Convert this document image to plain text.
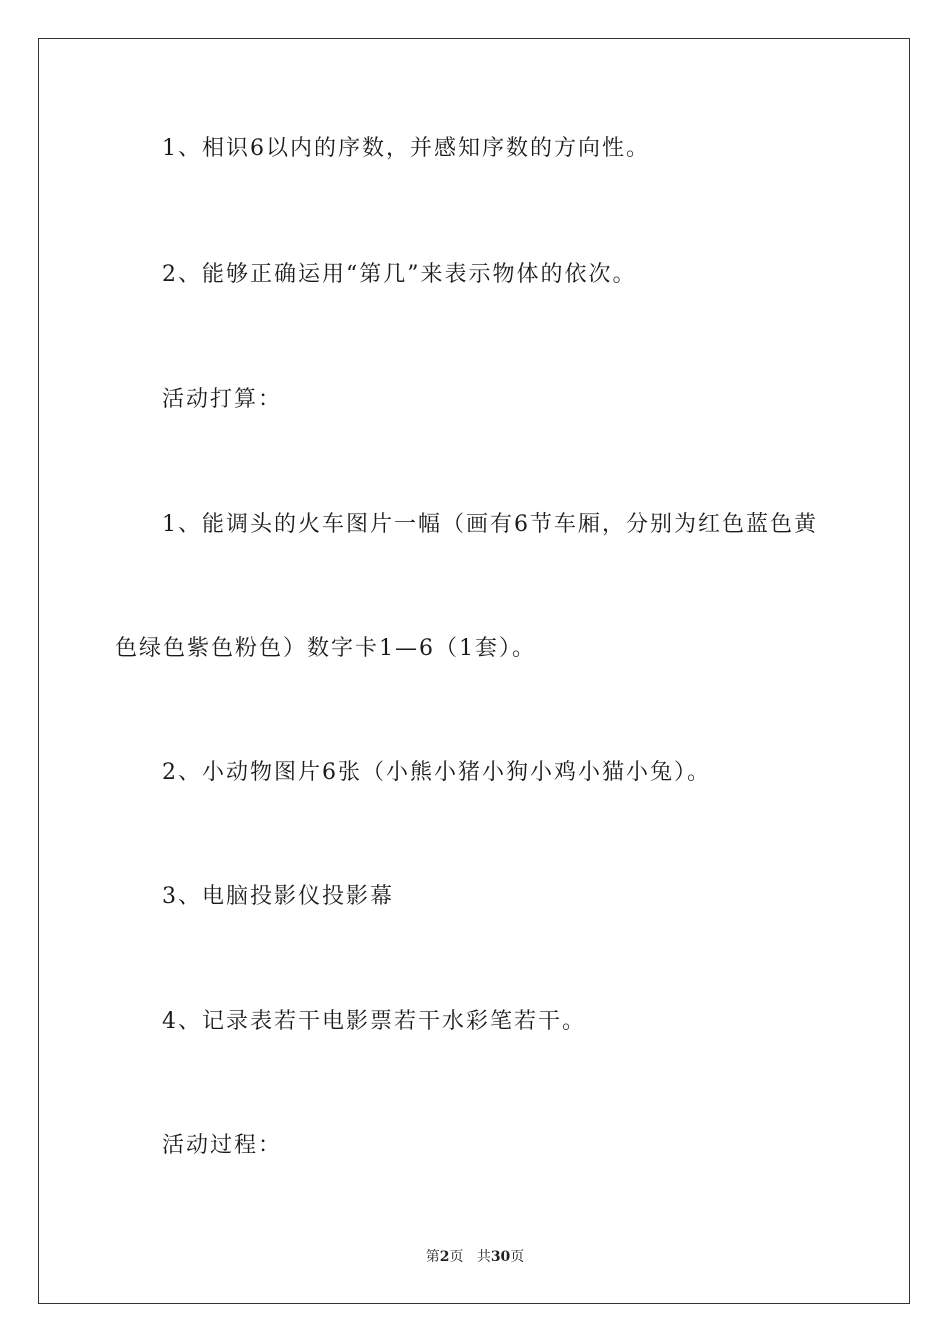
1、相识6以内的序数，并感知序数的方向性。

2、能够正确运用“第几”来表示物体的依次。

活动打算：

1、能调头的火车图片一幅（画有6节车厢，分别为红色蓝色黄

色绿色紫色粉色）数字卡1—6（1套）。

2、小动物图片6张（小熊小猪小狗小鸡小猫小兔）。

3、电脑投影仪投影幕

4、记录表若干电影票若干水彩笔若干。

活动过程：

第2页 共30页
